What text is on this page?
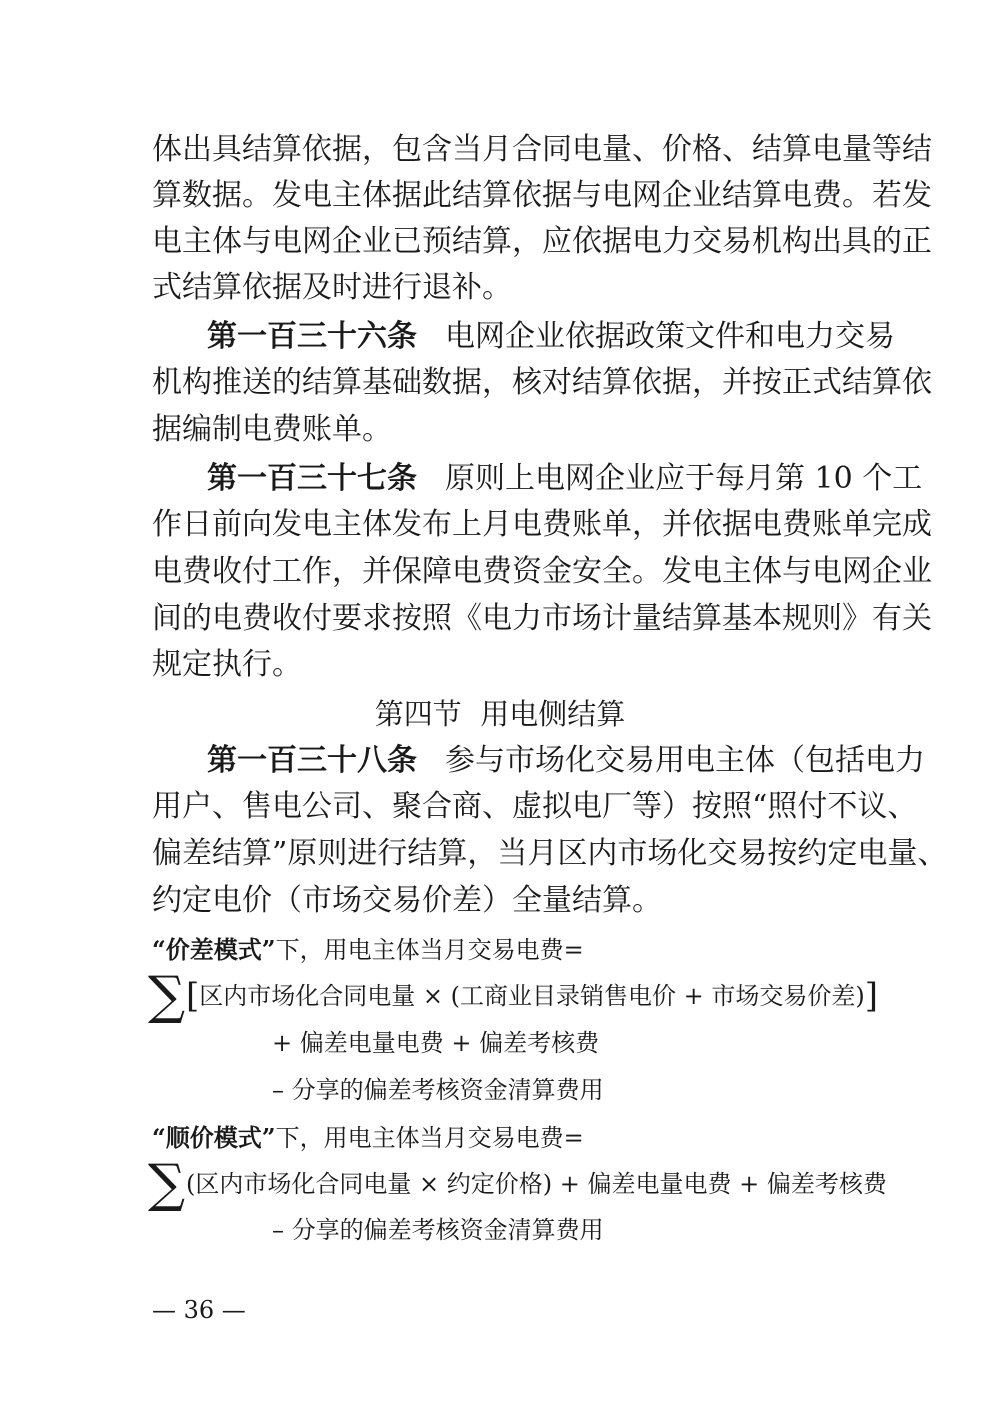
体出具结算依据，包含当月合同电量、价格、结算电量等结
算数据。发电主体据此结算依据与电网企业结算电费。若发
电主体与电网企业已预结算，应依据电力交易机构出具的正
式结算依据及时进行退补。
第一百三十六条 电网企业依据政策文件和电力交易
机构推送的结算基础数据，核对结算依据，并按正式结算依
据编制电费账单。
第一百三十七条 原则上电网企业应于每月第 10 个工
作日前向发电主体发布上月电费账单，并依据电费账单完成
电费收付工作，并保障电费资金安全。发电主体与电网企业
间的电费收付要求按照《电力市场计量结算基本规则》有关
规定执行。
第四节  用电侧结算
第一百三十八条 参与市场化交易用电主体（包括电力
用户、售电公司、聚合商、虚拟电厂等）按照“照付不议、
偏差结算”原则进行结算，当月区内市场化交易按约定电量、
约定电价（市场交易价差）全量结算。
“价差模式”下，用电主体当月交易电费=
∑ [区内市场化合同电量 × (工商业目录销售电价 + 市场交易价差)]
+ 偏差电量电费 + 偏差考核费
– 分享的偏差考核资金清算费用
“顺价模式”下，用电主体当月交易电费=
∑ (区内市场化合同电量 × 约定价格) + 偏差电量电费 + 偏差考核费
– 分享的偏差考核资金清算费用
— 36 —
